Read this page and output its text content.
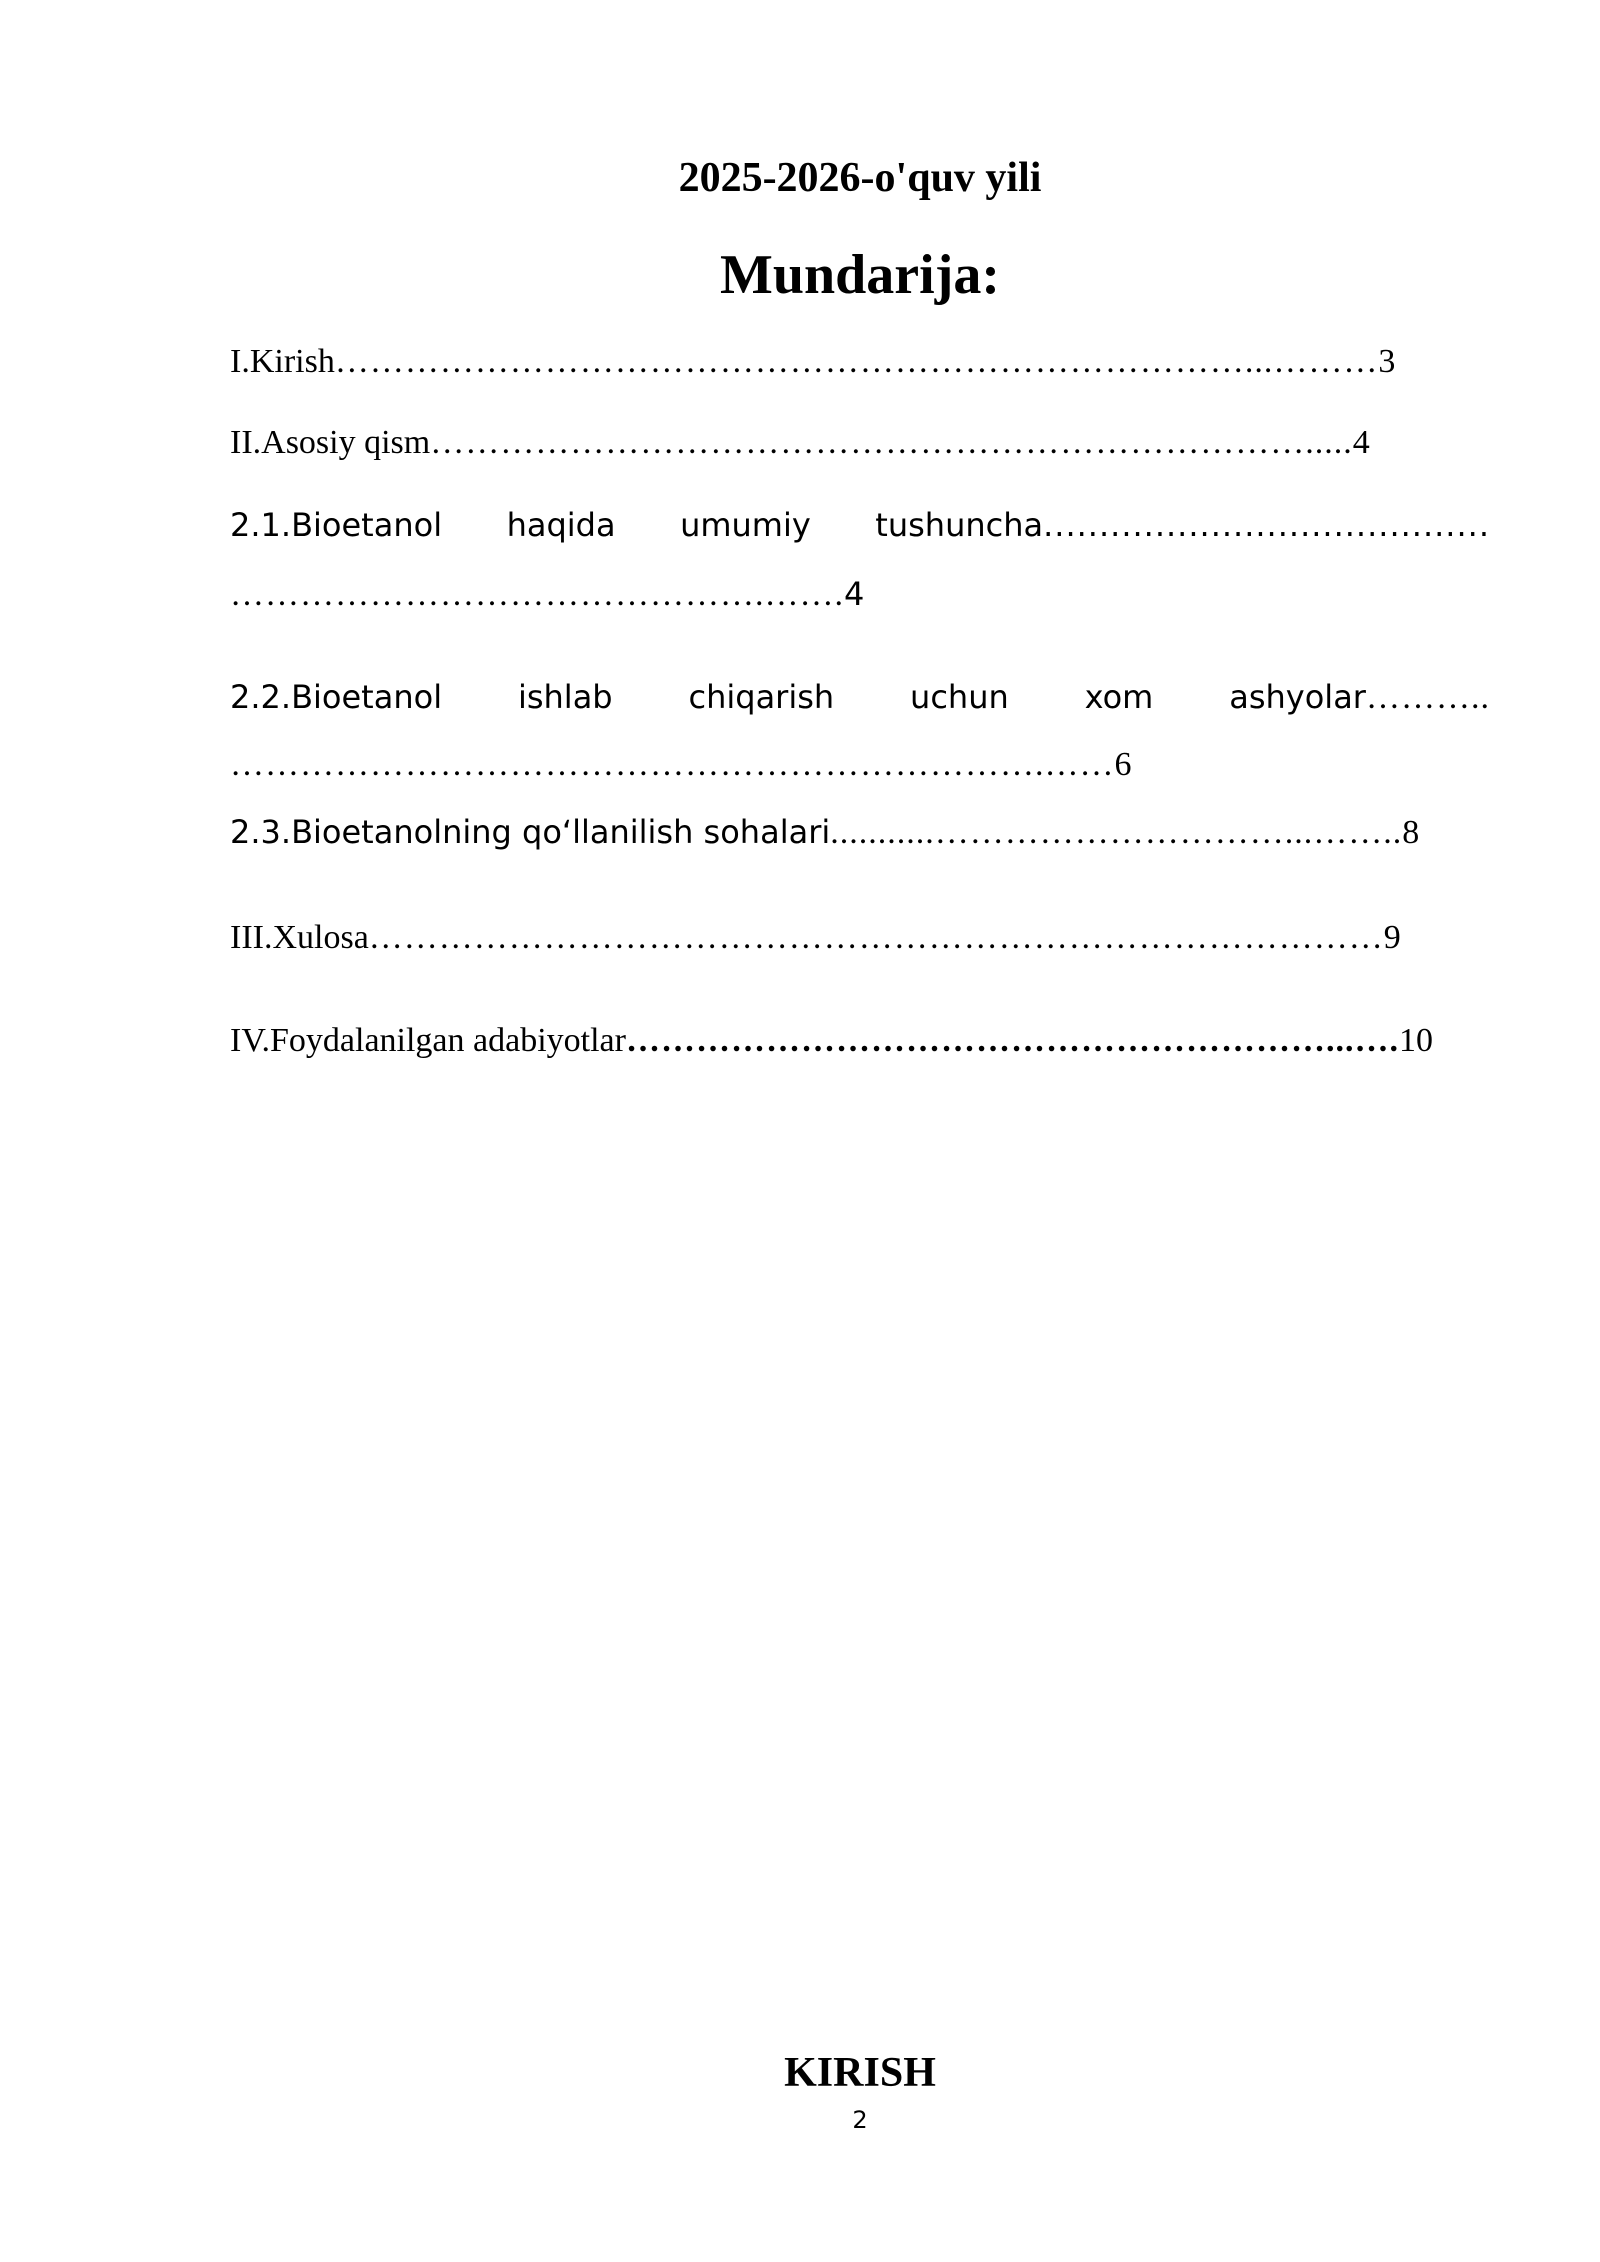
2025-2026-o'quv yili
Mundarija:
I.Kirish……………………………………………………………………...………3
II.Asosiy qism………………………………………………………………….....4
2.1.Bioetanol haqida umumiy tushuncha........................................
……………………………………….…….4
2.2.Bioetanol ishlab chiqarish uchun xom ashyolar………..
…………………………………………………………….……6
2.3.Bioetanolning qo‘llanilish sohalari...........…………………………...……..8
III.Xulosa……………………………………………………………………………9
IV.Foydalanilgan adabiyotlar……………………………………………………...….10
KIRISH
2
